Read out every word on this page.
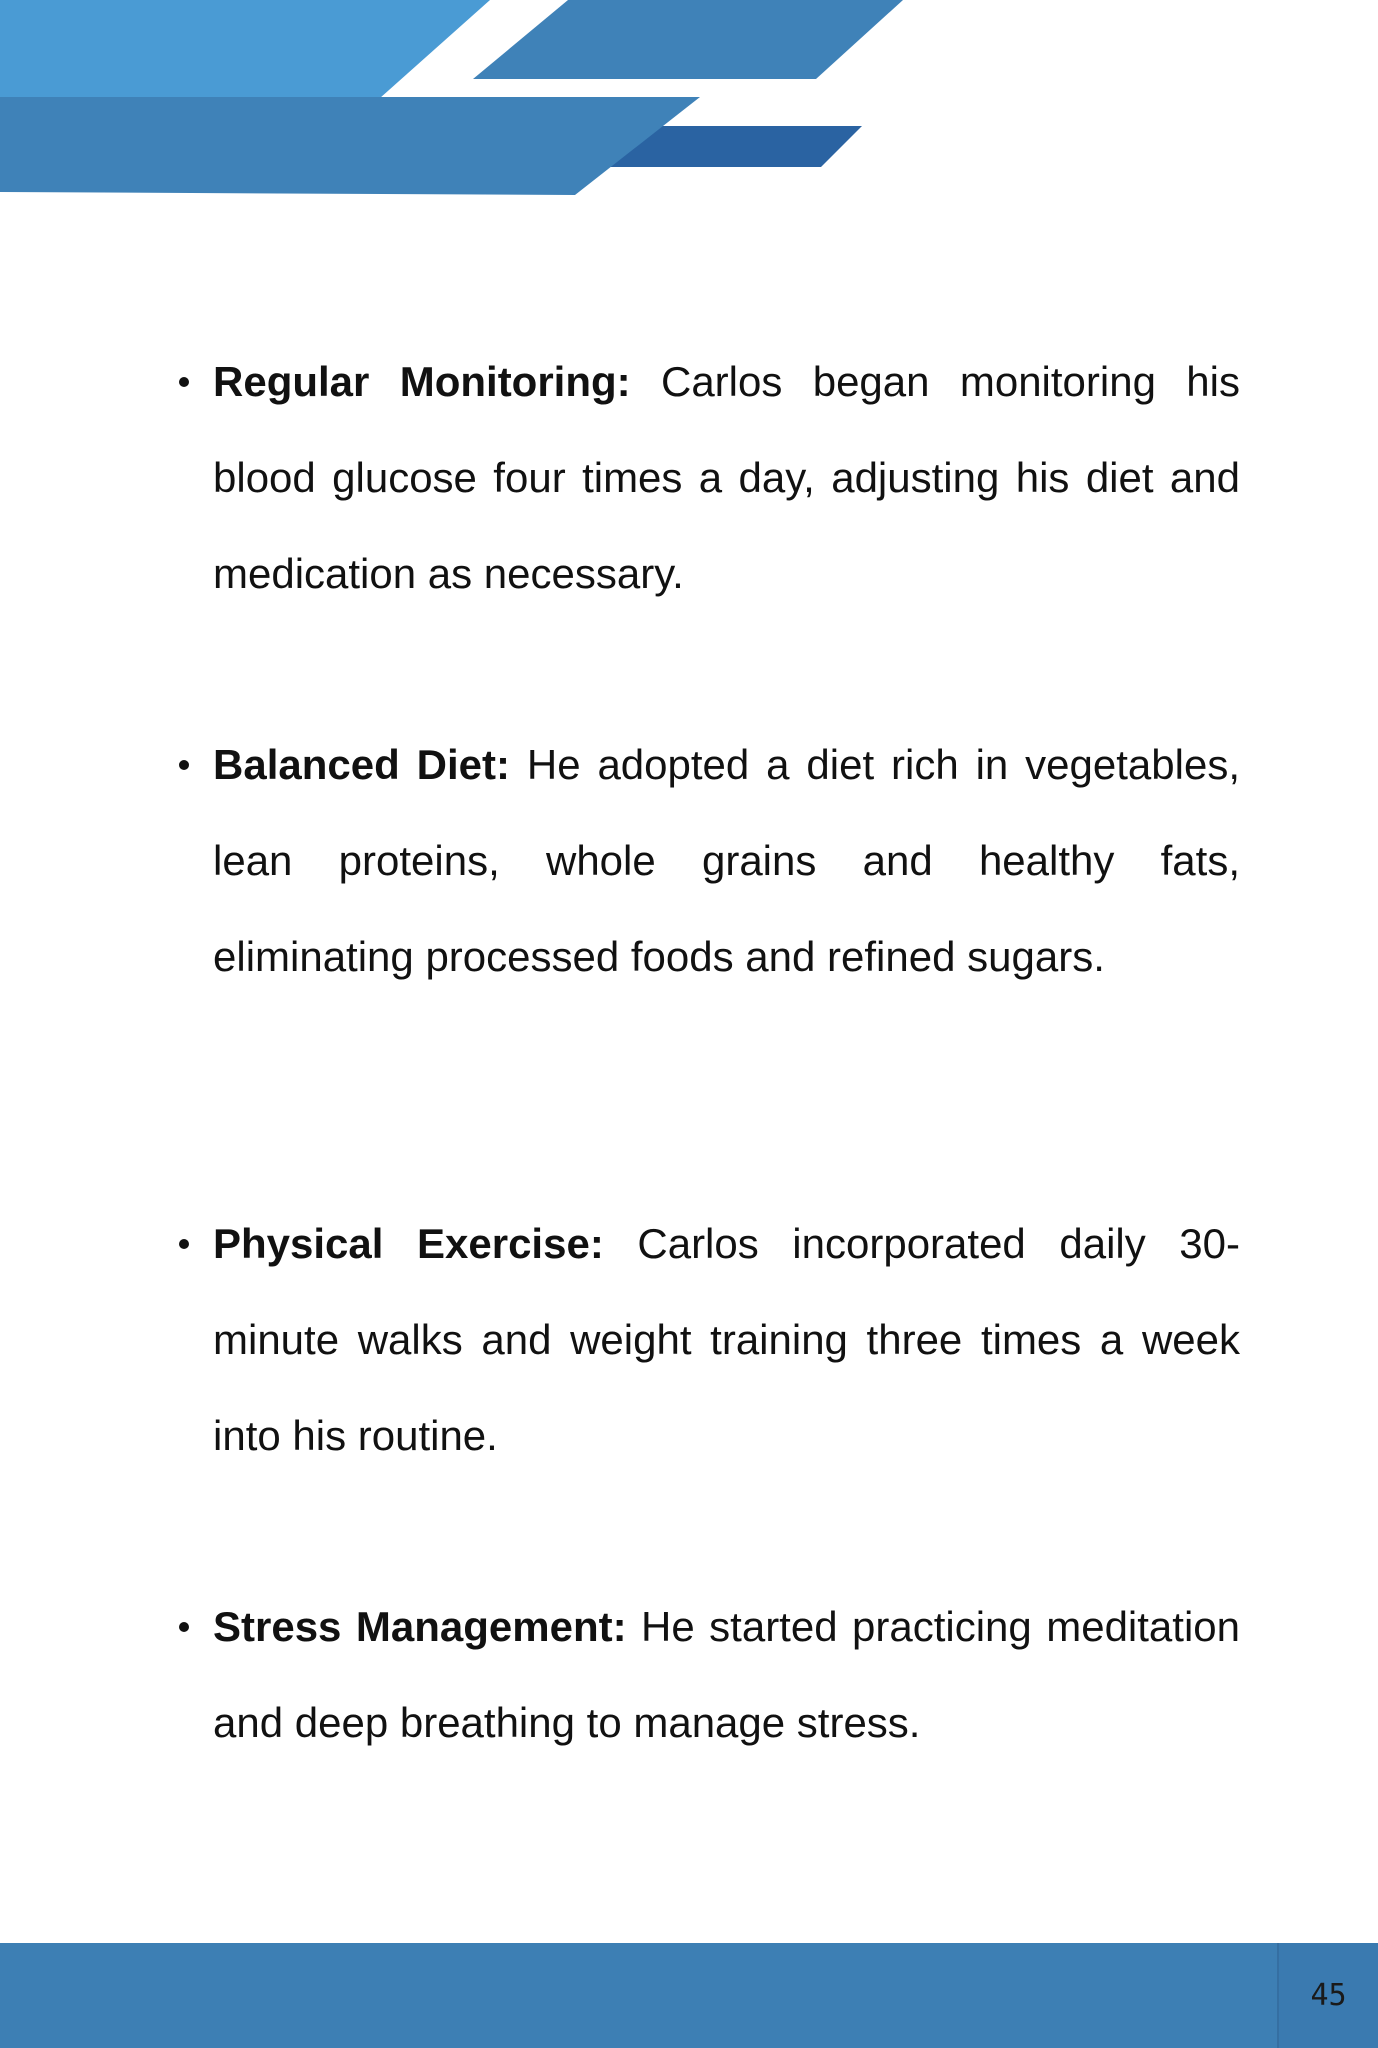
Regular Monitoring: Carlos began monitoring his blood glucose four times a day, adjusting his diet and medication as necessary.
Balanced Diet: He adopted a diet rich in vegetables, lean proteins, whole grains and healthy fats, eliminating processed foods and refined sugars.
Physical Exercise: Carlos incorporated daily 30-minute walks and weight training three times a week into his routine.
Stress Management: He started practicing meditation and deep breathing to manage stress.
45
